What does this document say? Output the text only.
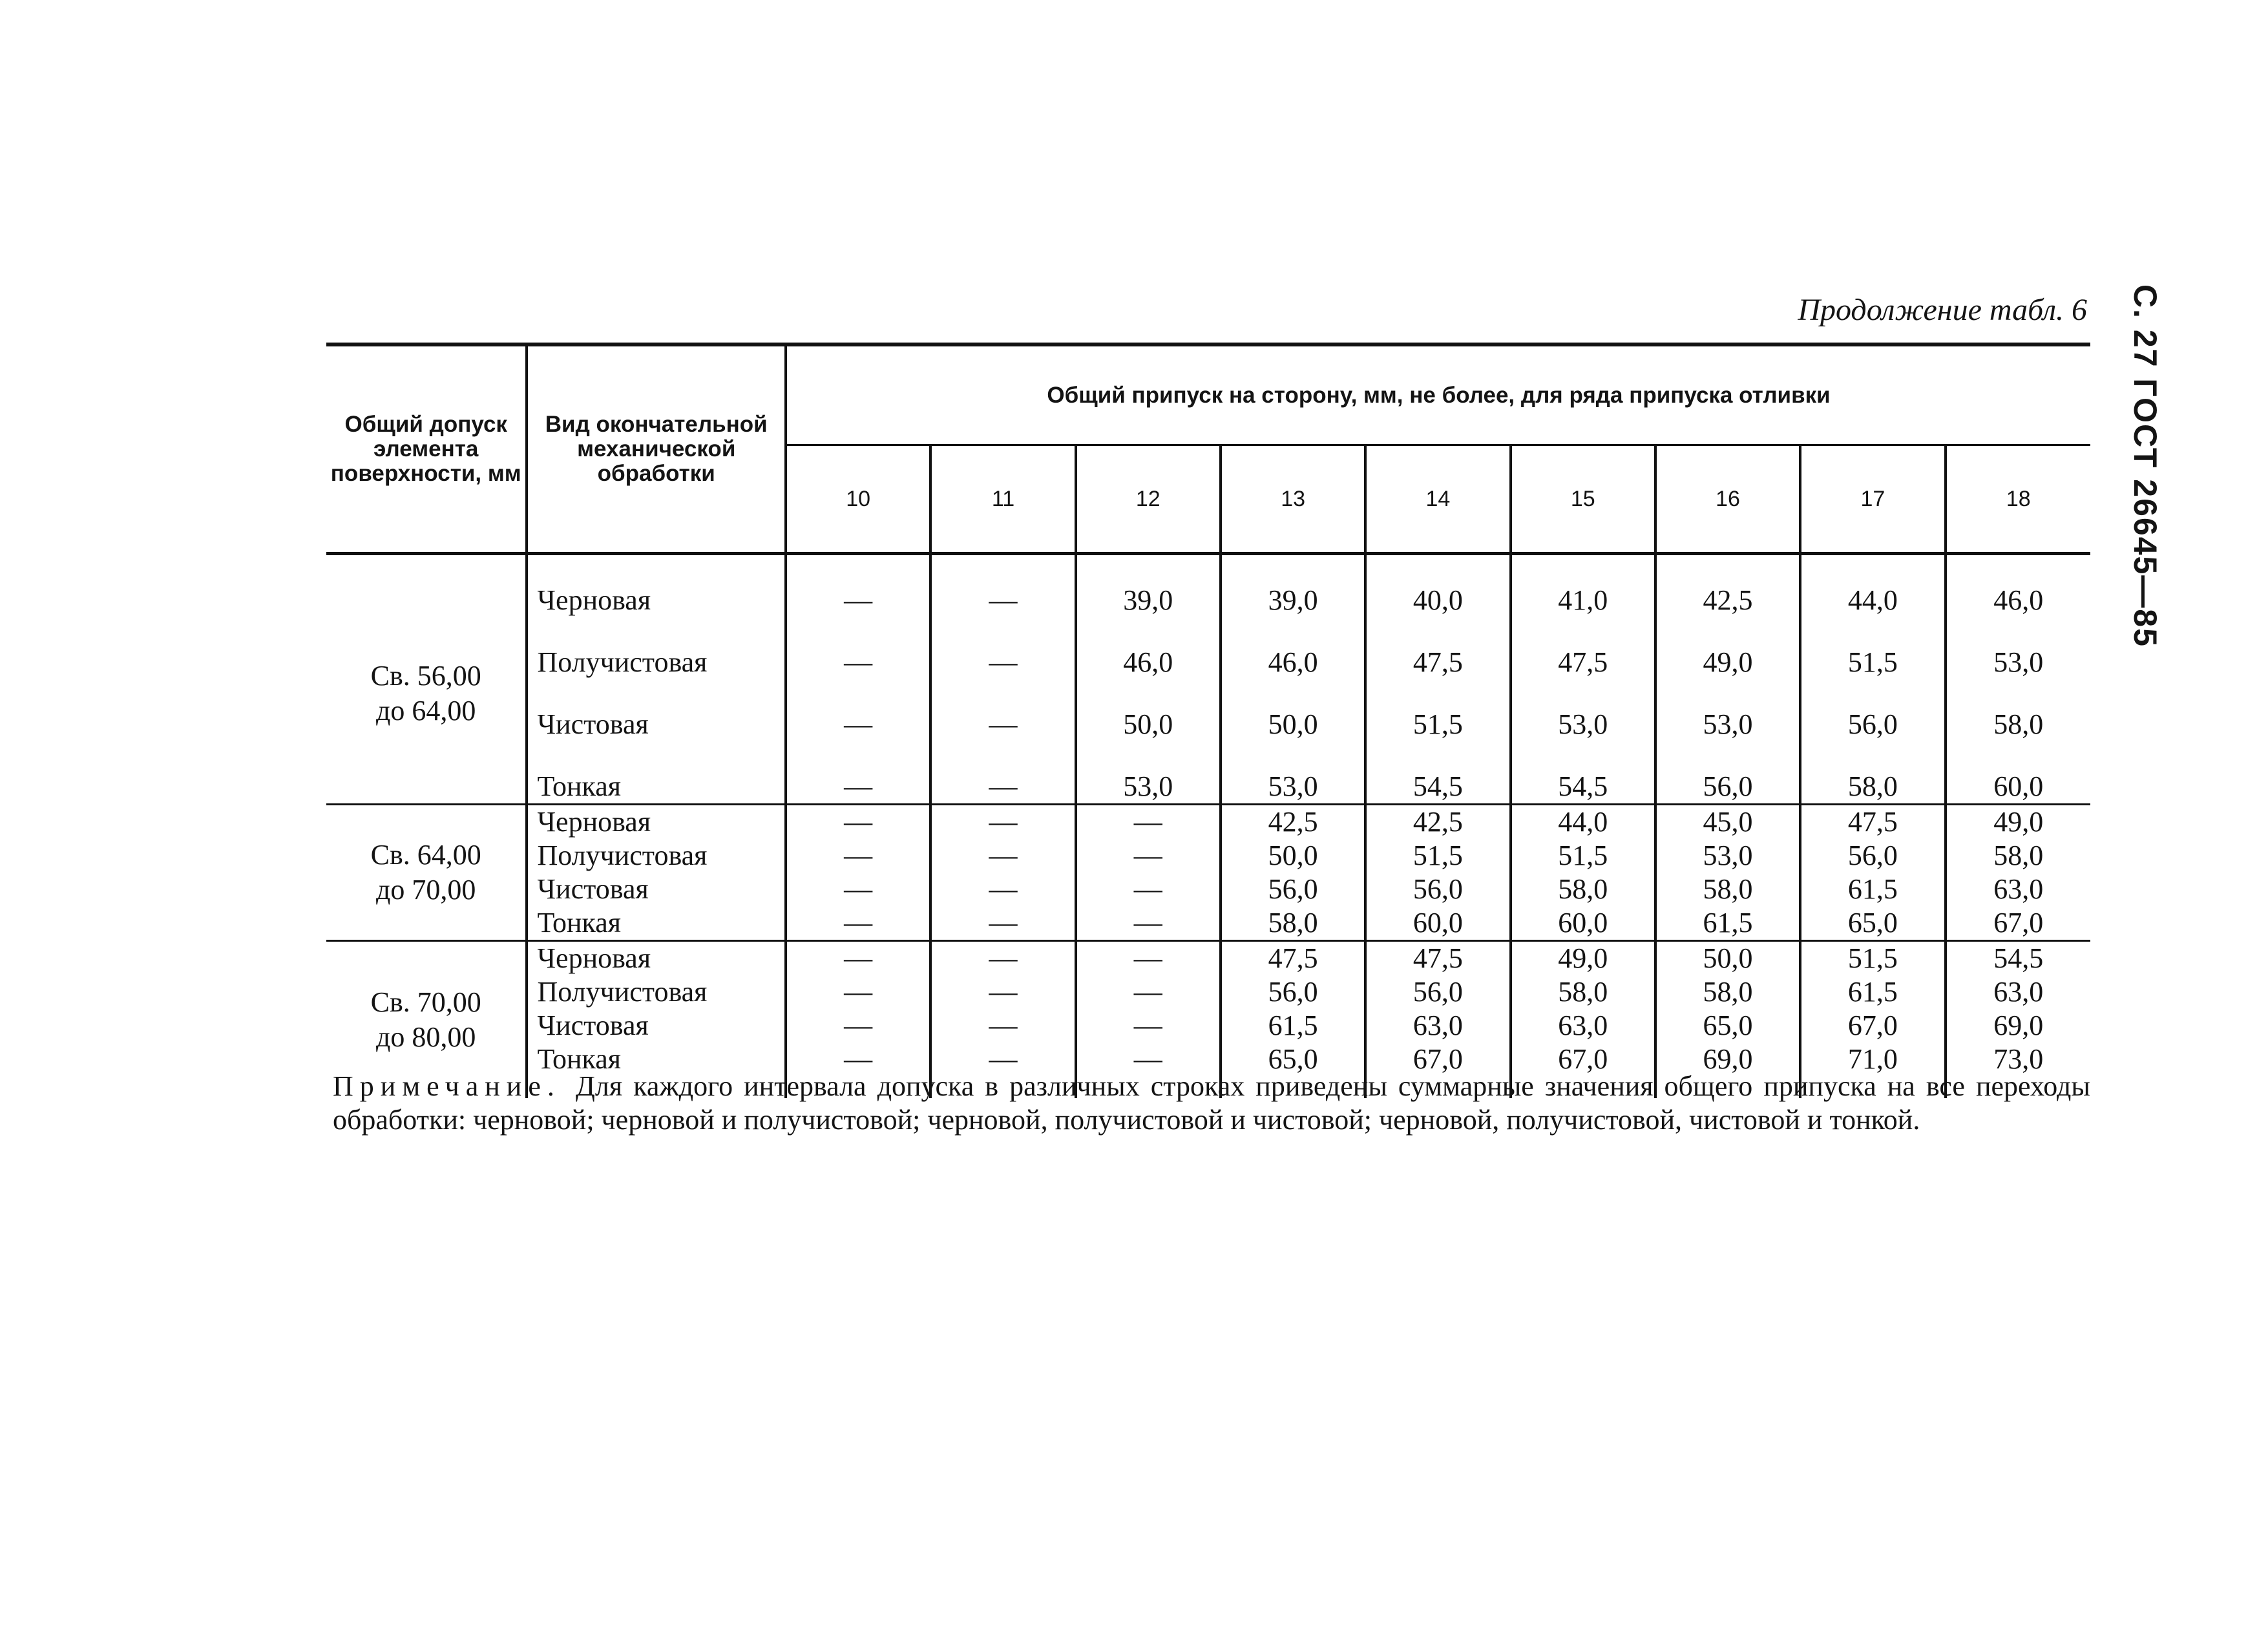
С. 27 ГОСТ 26645—85
Продолжение табл. 6
Общий допуск элемента поверхности, мм	Вид окончательной механической обработки	Общий припуск на сторону, мм, не более, для ряда припуска отливки								
		10	11	12	13	14	15	16	17	18
Св. 56,00
до 64,00	Черновая	—	—	39,0	39,0	40,0	41,0	42,5	44,0	46,0
	Получистовая	—	—	46,0	46,0	47,5	47,5	49,0	51,5	53,0
	Чистовая	—	—	50,0	50,0	51,5	53,0	53,0	56,0	58,0
	Тонкая	—	—	53,0	53,0	54,5	54,5	56,0	58,0	60,0
Св. 64,00
до 70,00	Черновая	—	—	—	42,5	42,5	44,0	45,0	47,5	49,0
	Получистовая	—	—	—	50,0	51,5	51,5	53,0	56,0	58,0
	Чистовая	—	—	—	56,0	56,0	58,0	58,0	61,5	63,0
	Тонкая	—	—	—	58,0	60,0	60,0	61,5	65,0	67,0
Св. 70,00
до 80,00	Черновая	—	—	—	47,5	47,5	49,0	50,0	51,5	54,5
	Получистовая	—	—	—	56,0	56,0	58,0	58,0	61,5	63,0
	Чистовая	—	—	—	61,5	63,0	63,0	65,0	67,0	69,0
	Тонкая	—	—	—	65,0	67,0	67,0	69,0	71,0	73,0
Примечание. Для каждого интервала допуска в различных строках приведены суммарные значения общего припуска на все переходы обработки: черновой; черновой и получистовой; черновой, получистовой и чистовой; черновой, получистовой, чистовой и тонкой.
